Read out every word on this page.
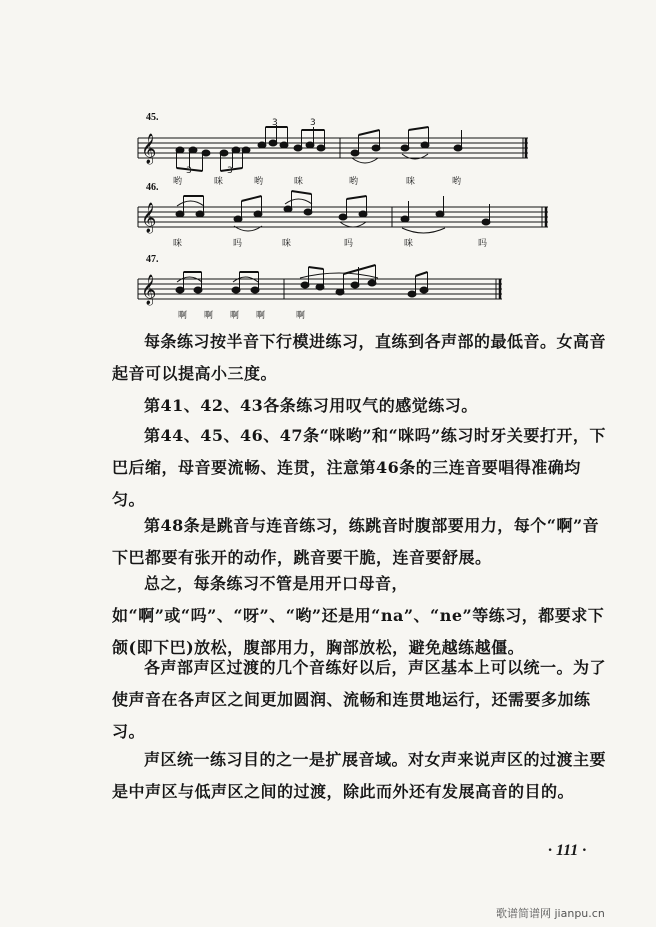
45.
46.
47.
𝄞
𝄞
𝄞
3	3
3	3
哟	咪	哟	咪	哟	咪	哟
咪	吗	咪	吗	咪	吗
啊 啊 啊 啊	啊

每条练习按半音下行模进练习，直练到各声部的最低音。女高音起音可以提高小三度。

第41、42、43各条练习用叹气的感觉练习。

第44、45、46、47条“咪哟”和“咪吗”练习时牙关要打开，下巴后缩，母音要流畅、连贯，注意第46条的三连音要唱得准确均匀。

第48条是跳音与连音练习，练跳音时腹部要用力，每个“啊”音下巴都要有张开的动作，跳音要干脆，连音要舒展。

总之，每条练习不管是用开口母音，如“啊”或“吗”、“呀”、“哟”还是用“na”、“ne”等练习，都要求下颌(即下巴)放松，腹部用力，胸部放松，避免越练越僵。

各声部声区过渡的几个音练好以后，声区基本上可以统一。为了使声音在各声区之间更加圆润、流畅和连贯地运行，还需要多加练习。

声区统一练习目的之一是扩展音域。对女声来说声区的过渡主要是中声区与低声区之间的过渡，除此而外还有发展高音的目的。

· 111 ·
歌谱简谱网 jianpu.cn
